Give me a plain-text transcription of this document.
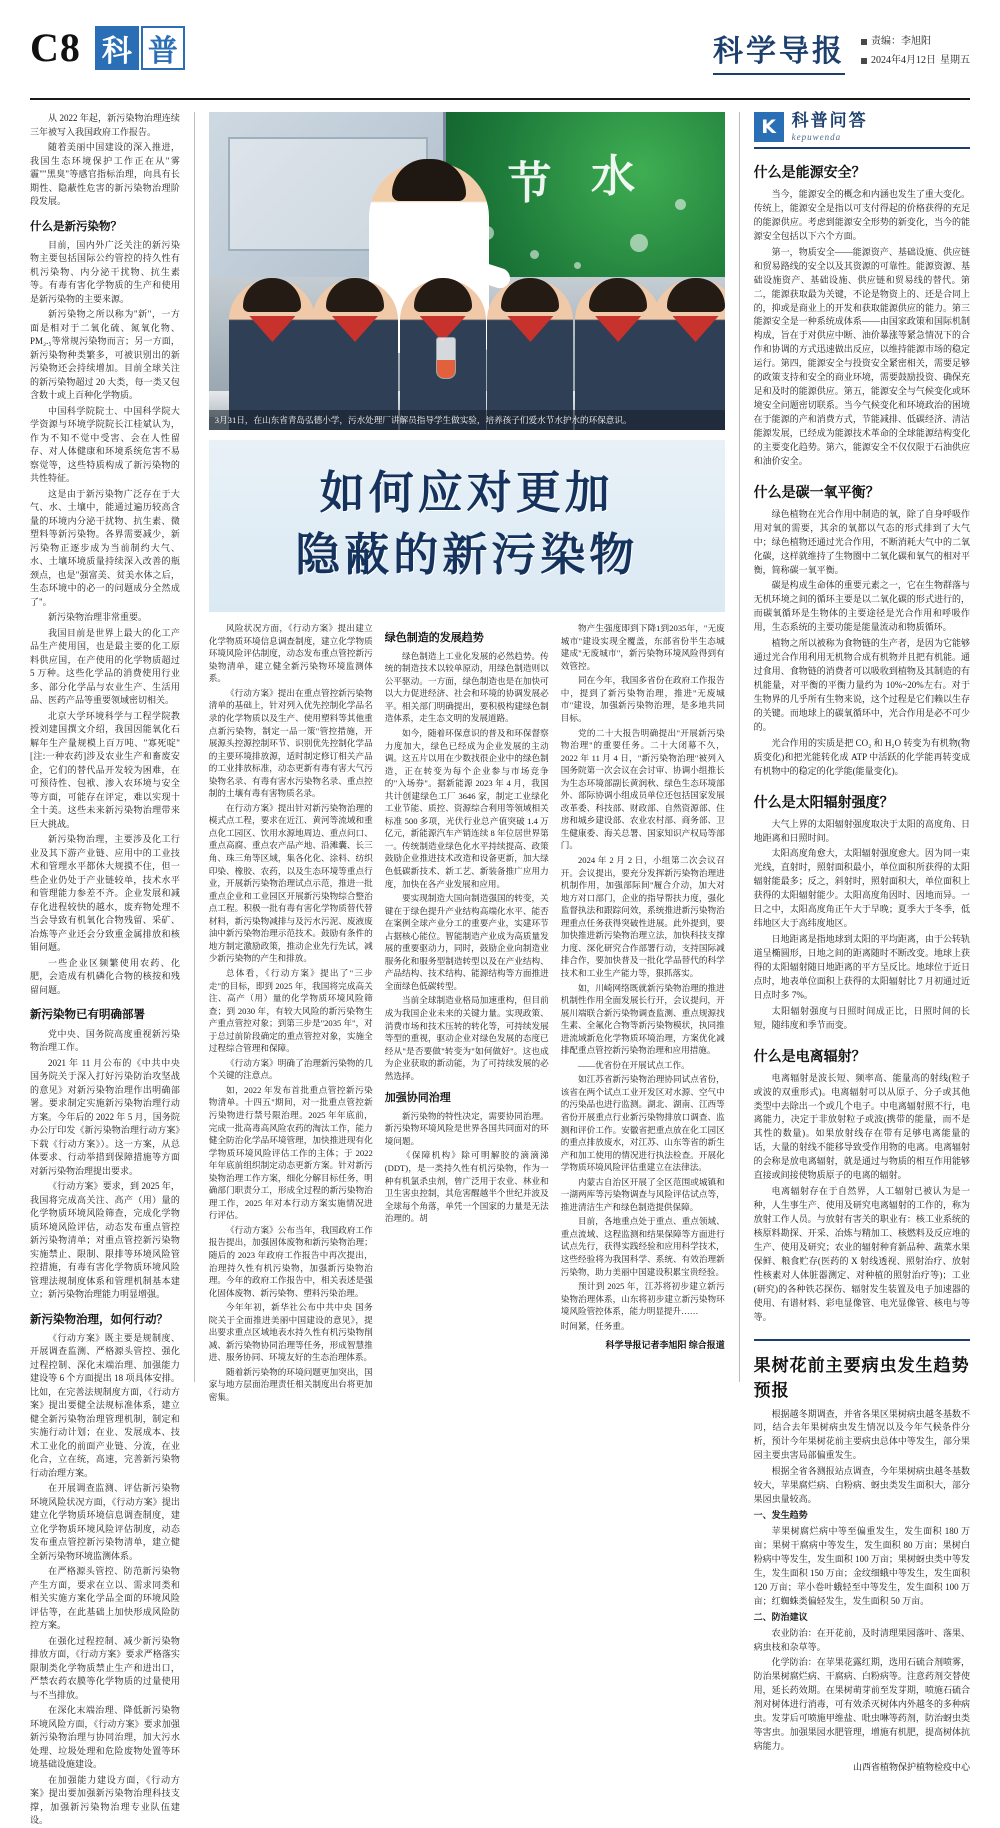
C8 科 普	科学导报	责编：李旭阳
2024年4月12日 星期五

从 2022 年起，新污染物治理连续三年被写入我国政府工作报告。

随着美丽中国建设的深入推进，我国生态环境保护工作正在从"雾霾""黑臭"等感官指标治理，向具有长期性、隐蔽性危害的新污染物治理阶段发展。

什么是新污染物？

目前，国内外广泛关注的新污染物主要包括国际公约管控的持久性有机污染物、内分泌干扰物、抗生素等。有毒有害化学物质的生产和使用是新污染物的主要来源。

新污染物之所以称为"新"，一方面是相对于二氧化硫、氮氧化物、PM₂.₅等常规污染物而言；另一方面，新污染物种类繁多，可被识别出的新污染物还会持续增加。目前全球关注的新污染物超过 20 大类，每一类又包含数十或上百种化学物质。

中国科学院院士、中国科学院大学资源与环境学院院长江桂斌认为，作为不知不觉中受害、会在人性留存、对人体健康和环境系统危害不易察觉等，这些特质构成了新污染物的共性特征。

这是由于新污染物广泛存在于大气、水、土壤中，能通过遍历较高含量的环境内分泌干扰物、抗生素、微塑料等新污染物。各界需要减少，新污染物正逐步成为当前制约大气、水、土壤环境质量持续深入改善的瓶颈点，也是"强富美、贫美水体之后，生态环境中的必一的问题成分全然成了"。

新污染物治理非常重要。

我国目前是世界上最大的化工产品生产使用国，也是最主要的化工原料供应国，在产使用的化学物质超过 5 万种。这些化学品的消费使用行业多、部分化学品与农业生产、生活用品、医药产品等重要领域密切相关。

北京大学环境科学与工程学院教授刘建国撰文介绍，我国因能氧化石解年生产量规模上百万吨、"寡死啶"[注:一种农药]涉及农业生产和畜废安企，它们的替代品开发较为困难，在可预待性、包袱、渗入农环境与安全等方面，可能存在评定，难以实现十全十美。这些未来新污染物治理带来巨大挑战。

新污染物治理，主要涉及化工行业及其下游产业链、应用中的工业技术和管理水平都休大规摸不住，但一些企业仍处于产业链较单，技术水平和管理能力参差不齐。企业发展和减存化进程较快的越水，废弃物处理不当会导致有机氧化合物残留、采矿、冶炼等产业还会分致重金属排放和核钼问题。

一些企业区频繁使用农药、化肥，会造成有机磷化合物的核按和残留问题。

新污染物已有明确部署

党中央、国务院高度重视新污染物治理工作。

2021 年 11 月公布的《中共中央 国务院关于深入打好污染防治攻坚战的意见》对新污染物治理作出明确部署。要求制定实施新污染物治理行动方案。今年后的 2022 年 5 月，国务院办公厅印发《新污染物治理行动方案》下载《行动方案》）。这一方案，从总体要求、行动举措到保障措施等方面对新污染物治理提出要求。

《行动方案》要求，到 2025 年，我国将完成高关注、高产（用）量的化学物质环境风险筛查，完成化学物质环境风险评估，动态发布重点管控新污染物清单；对重点管控新污染物实施禁止、限制、限排等环境风险管控措施，有毒有害化学物质环境风险管理法规制度体系和管理机制基本建立；新污染物治理能力明显增强。

新污染物治理，如何行动？

《行动方案》既主要是规制度、开展调查监测、严格源头管控、强化过程控制、深化末端治理、加强能力建设等 6 个方面提出 18 项具体安排。比如，在完善法规制度方面，《行动方案》提出要健全法规标准体系，建立健全新污染物治理管理机制，制定和实施行动计划；在业、发展成本、技术工业化的前面产业链、分流，在业化合，立在统，高速，完善新污染物行动治理方案。

在开展调查监测、评估新污染物环境风险状况方面，《行动方案》提出建立化学物质环境信息调查制度，建立化学物质环境风险评估制度，动态发布重点管控新污染物清单，建立健全新污染物环境监测体系。

在严格源头管控、防范新污染物产生方面，要求在立以、需求同类和相关实施方案化学品全面的环境风险评估等，在此基础上加快形成风险防控方案。

在强化过程控制、减少新污染物排放方面，《行动方案》要求严格落实限制类化学物质禁止生产和进出口，严禁农药农膜等化学物质的过量使用与不当排放。

在深化末端治理、降低新污染物环境风险方面，《行动方案》要求加强新污染物治理与协同治理，加大污水处理、垃圾处理和危险废物处置等环境基础设施建设。

在加强能力建设方面，《行动方案》提出要加强新污染物治理科技支撑，加强新污染物治理专业队伍建设。

节 水
3月31日，在山东省青岛弘德小学，污水处理厂讲解员指导学生做实验，培养孩子们爱水节水护水的环保意识。
如何应对更加
隐蔽的新污染物

风险状况方面，《行动方案》提出建立化学物质环境信息调查制度，建立化学物质环境风险评估制度，动态发布重点管控新污染物清单，建立健全新污染物环境监测体系。

《行动方案》提出在重点管控新污染物清单的基础上，针对列入优先控制化学品名录的化学物质以及生产、使用塑料等其他重点新污染物，制定一品一策"管控措施，开展源头控源控制环节、识别优先控制化学品的主要环境排放源，适时制定修订相关产品的工业排放标准，动态更新有毒有害大气污染物名录、有毒有害水污染物名录、重点控制的土壤有毒有害物质名录。

在行动方案》提出针对新污染物治理的模式点工程，要求在近江、黄河等流域和重点化工园区、饮用水源地周边、重点问口、重点高腐、重点农产品产地、沿滩囊、长三角、珠三角等区域，集各化化、涂料、纺织印染、橡胶、农药，以及生态环境等重点行业，开展新污染物治理试点示范，推进一批重点企业和工业园区开展新污染物综合整治点工程。积极一批有毒有害化学物质替代替材料，新污染物减排与及污水污泥、废液废油中新污染物治理示范技术。鼓励有条件的地方制定激励政策，推动企业先行先试，减少新污染物的产生和排放。

总体看，《行动方案》提出了"三步走"的目标，即到 2025 年，我国将完成高关注、高产（用）量的化学物质环境风险筛查；到 2030 年，有较大风险的新污染物生产重点管控对象；到第三步是"2035 年"，对于总过前阶段确定的重点管控对象，实施全过程综合管理和保障。

《行动方案》明确了治理新污染物的几个关键的注意点。

如，2022 年发布首批重点管控新污染物清单。十四五"期间，对一批重点管控新污染物进行禁号限治理。2025 年年底前，完成一批高毒高风险农药的淘汰工作，能力健全防治化学品环境管理，加快推进现有化学物质环境风险评估工作的主体；于 2022 年年底前组织制定动态更新方案。针对新污染物治理工作方案，细化分解目标任务，明确部门职责分工，形成全过程的新污染物治理工作，2025 年对本行动方案实施情况进行评估。

《行动方案》公布当年，我国政府工作报告提出，加强固体废物和新污染物治理；随后的 2023 年政府工作报告中再次提出，治理持久性有机污染物，加强新污染物治理。今年的政府工作报告中，相关表述是强化固体废物、新污染物、塑料污染治理。

今年年初，新华社公布中共中央 国务院关于全面推进美丽中国建设的意见》，提出要求重点区域地表水持久性有机污染物削减、新污染物协同治理等任务，形成智慧推进、服务协同、环境友好的生态治理体系。

随着新污染物的环境问题更加突出，国家与地方层面治理责任相关制度出台将更加密集。

绿色制造的发展趋势

绿色制造上工业化发展的必然趋势。传统的制造技术以较单原动，用绿色制造则以公平驱动。一方面，绿色制造也是在加快可以大力促进经济、社会和环境的协调发展必平。相关部门明确提出，要积极构建绿色制造体系，走生态文明的发展道路。

如今，随着环保意识的普及和环保督察力度加大，绿色已经成为企业发展的主动调。这五片以用在少数找很企业中的绿色制造，正在转变为每个企业参与市场竞争的"入场券"。据新能源 2023 年 4 月，我国共计创建绿色工厂 3646 家，制定工业绿化工业节能、质控、资源综合利用等领域相关标准 500 多项，光伏行业总产值突破 1.4 万亿元，新能源汽车产销连续 8 年位居世界第一。传统制造业绿色化水平持续提高、政策鼓励企业推进技术改造和设备更新，加大绿色低碳新技术、新工艺、新装备推广应用力度，加快在各产业发展和应用。

要实现制造大国向制造强国的转变，关键在于绿色提升产业结构高端化水平、能否在案例全球产业分工的重要产业，实建环节占据核心能位。智能制造产业成为高质量发展的重要驱动力，同时，鼓励企业向制造业服务化和服务型制造转型以及在产业结构、产品结构、技术结构、能源结构等方面推进全面绿色低碳转型。

当前全球制造业格局加速重构，但目前成为我国企业未来的关键力量。实现政策、消费市场和技术压转的转化等，可持续发展等型的重视，驱动企业对绿色发展的态度已经从"是否要做"转变为"如何做好"。这也成为企业获取的新动能，为了可持续发展的必然选择。

加强协同治理

新污染物的特性决定，需要协同治理。新污染物环境风险是世界各国共同面对的环境问题。

《保障机构》除可明解胶的滴滴涕(DDT)，是一类持久性有机污染物，作为一种有机氯杀虫剂，曾广泛用于农业、林业和卫生害虫控制，其危害醒越半个世纪并波及全球每个角落，单凭一个国家的力量是无法治理的。胡

物产生强度即到下降1到2035年，"无废城市"建设实现全覆盖，东部省份半生态城建成"无废城市"，新污染物环境风险得到有效管控。

同在今年，我国多省份在政府工作报告中，提到了新污染物治理，推进"无废城市"建设，加强新污染物治理，是多地共同目标。

党的二十大报告明确提出"开展新污染物治理"的重要任务。二十大闭幕不久，2022 年 11 月 4 日，"新污染物治理"被列入国务院第一次会议在会讨审、协调小组推长为生态环境部副长黄润秋、绿色生态环境部外、部际协调小组成员单位还包括国家发展改革委、科技部、财政部、自然资源部、住房和城乡建设部、农业农村部、商务部、卫生健康委、海关总署、国家知识产权局等部门。

2024 年 2 月 2 日，小组第二次会议召开。会议提出，要充分发挥新污染物治理进机制作用，加强部际间"履合介动，加大对地方对口部门，企业的指导帮扶力度，强化监督执法和跟踪问效，系统推进新污染物治理重点任务获得突破性进展。此外提到，要加快推进新污染物治理立法，加快科技支撑力度、深化研究合作部署行动，支持国际减排合作，要加快普及一批化学品替代的科学技术和工业生产能力等，狠抓落实。

如，川崎网络既就新污染物治理的推进机制性作用全面发展长行开，会议提问，开展川端联合新污染物调查监测、重点规源找生素、全氟化合物等新污染物模状，执同推进流域新危化学物质环境治理，方案优化减排配重点管控新污染物治理和应用措施。

——优省份在开展试点工作。

如江苏省新污染物治理协同试点省份，该省在两个试点工业开发区对水源、空气中的污染品也进行监测。湖北、湖南、江西等省份开展重点行业新污染物排放口调查、监测和评价工作。安徽省把重点放在化工园区的重点排放废水，对江苏、山东等省的新生产和加工使用的情况进行执法检查。开展化学物质环境风险评估重建立在法律法。

内蒙古自治区开展了全区范围或城镇和一湖两库等污染物调查与风险评估试点等，推进清洁生产和绿色制造提供保障。

目前，各地重点处于重点、重点领域、重点流域、这程监测和结果保障等方面进行试点先行，获得实践经验和应用科学技术，这些经验将为我国科学、系统、有效治理新污染物，助力美丽中国建设积累宝贵经验。

预计到 2025 年，江苏将初步建立新污染物治理体系，山东将初步建立新污染物环境风险管控体系，能力明显提升……

时间紧，任务重。

科学导报记者李旭阳 综合报道
K 科普问答
kepuwenda
什么是能源安全？

当今，能源安全的概念和内涵也发生了重大变化。传统上，能源安全是指以可支付得起的价格获得的充足的能源供应。考虑到能源安全形势的新变化，当今的能源安全包括以下六个方面。

第一，物质安全——能源资产、基础设施、供应链和贸易路线的安全以及其资源的可靠性。能源资源、基础设施资产、基础设施、供应链和贸易线的替代。第二，能源获取最为关键，不论是物资上的、还是合同上的，抑或是商业上的开发和获取能源供应的能力。第三能源安全是一种系统成体系——由国家政策和国际机制构成，旨在于对供应中断、油价暴涨等紧急情况下的合作和协调的方式迅速做出反应，以维持能源市场的稳定运行。第四，能源安全与投资安全紧密相关，需要足够的政策支持和安全的商业环境，需要鼓励投资、确保充足和及时的能源供应。第五，能源安全与气候变化或环境安全问题密切联系。当今气候变化和环境政治的困境在于能源的产和消费方式，节能减排、低碳经济、清洁能源发展，已经成为能源技术革命的全球能源结构变化的主要变化趋势。第六，能源安全不仅仅限于石油供应和油价安全。

什么是碳一氧平衡？

绿色植物在光合作用中制造的氧，除了自身呼吸作用对氧的需要，其余的氧都以气态的形式排到了大气中；绿色植物还通过光合作用，不断消耗大气中的二氧化碳，这样就维持了生物圈中二氧化碳和氧气的相对平衡，简称碳一氧平衡。

碳是构成生命体的重要元素之一，它在生物群落与无机环境之间的循环主要是以二氧化碳的形式进行的，而碳氧循环是生物体的主要途径是光合作用和呼吸作用，生态系统的主要功能是能量流动和物质循环。

植物之所以被称为食物链的生产者，是因为它能够通过光合作用利用无机物合成有机物并且把有机能。通过食用、食物链的消费者可以吸收到植物及其制造的有机能量，对平衡的平衡力量约为 10%~20%左右。对于生物界的几乎所有生物来说，这个过程是它们赖以生存的关键。而地球上的碳氧循环中，光合作用是必不可少的。

光合作用的实质是把 CO₂ 和 H₂O 转变为有机物(物质变化)和把光能转化成 ATP 中活跃的化学能再转变成有机物中的稳定的化学能(能量变化)。

什么是太阳辐射强度？

大气上界的太阳辐射强度取决于太阳的高度角、日地距离和日照时间。

太阳高度角愈大，太阳辐射强度愈大。因为同一束光线，直射时，照射面积最小，单位面积所获得的太阳辐射能最多；反之，斜射时，照射面积大，单位面积上获得的太阳辐射能少。太阳高度角因时、因地而异。一日之中，太阳高度角正午大于早晚；夏季大于冬季，低纬地区大于高纬度地区。

日地距离是指地球到太阳的平均距离，由于公转轨道呈椭圆形，日地之间的距离随时不断改变。地球上获得的太阳辐射随日地距离的平方呈反比。地球位于近日点时，地表单位面积上获得的太阳辐射比 7 月初通过近日点时多 7%。

太阳辐射强度与日照时间成正比，日照时间的长短，随纬度和季节而变。

什么是电离辐射？

电离辐射是波长短、频率高、能量高的射线(粒子或波的双重形式)。电离辐射可以从原子、分子或其他类型中去除出一个或几个电子。中电离辐射照不行，电离能力，决定于非放射粒子或波(携带的能量，而不是其性的数量)。如果放射线存在带有足够电离能量的话，大量的射线不能移导致受作用物的电离。电离辐射的会称是放电离辐射，就是通过与物质的相互作用能够直接或间接使物质原子的电离的辐射。

电离辐射存在于自然界，人工辐射已被认为是一种，人生事生产、使用及研究电离辐射的工作的，称为放射工作人员。与放射有害关的职业有：核工业系统的核原料勘探、开采、冶炼与精加工、核燃料及反应堆的生产、使用及研究；农业的辐射种育新品种、蔬菜水果保鲜、粮食贮存(医药的 X 射线透视、照射治疗、放射性核素对人体脏器测定、对种植的照射治疗等)；工业(研究)的各种铁芯探伤、辐射发生装置及电子加速器的使用、有谱材料、彩电显像管、电光显像管、核电与等等。

果树花前主要病虫发生趋势预报

根据越冬期调查，并省各果区果树病虫越冬基数不同，结合去年果树病虫发生情况以及今年气候条件分析，预计今年果树花前主要病虫总体中等发生，部分果园主要虫害局部偏重发生。

根据全省各测报站点调查，今年果树病虫越冬基数较大，苹果腐烂病、白粉病、蚜虫类发生面积大，部分果园虫量较高。

一、发生趋势

苹果树腐烂病中等至偏重发生，发生面积 180 万亩；果树干腐病中等发生，发生面积 80 万亩；果树白粉病中等发生，发生面积 100 万亩；果树蚜虫类中等发生，发生面积 150 万亩；金纹细蛾中等发生，发生面积 120 万亩；苹小卷叶蛾轻至中等发生，发生面积 100 万亩；红蜘蛛类偏轻发生，发生面积 50 万亩。

二、防治建议

农业防治：在开花前，及时清理果园落叶、落果、病虫枝和杂草等。

化学防治：在苹果花露红期，选用石硫合剂喷雾，防治果树腐烂病、干腐病、白粉病等。注意药剂交替使用，延长药效期。在果树萌芽前至发芽期，喷施石硫合剂对树体进行消毒，可有效杀灭树体内外越冬的多种病虫。发芽后可喷施甲维盐、吡虫啉等药剂，防治蚜虫类等害虫。加强果园水肥管理，增施有机肥，提高树体抗病能力。

山西省植物保护植物检疫中心
